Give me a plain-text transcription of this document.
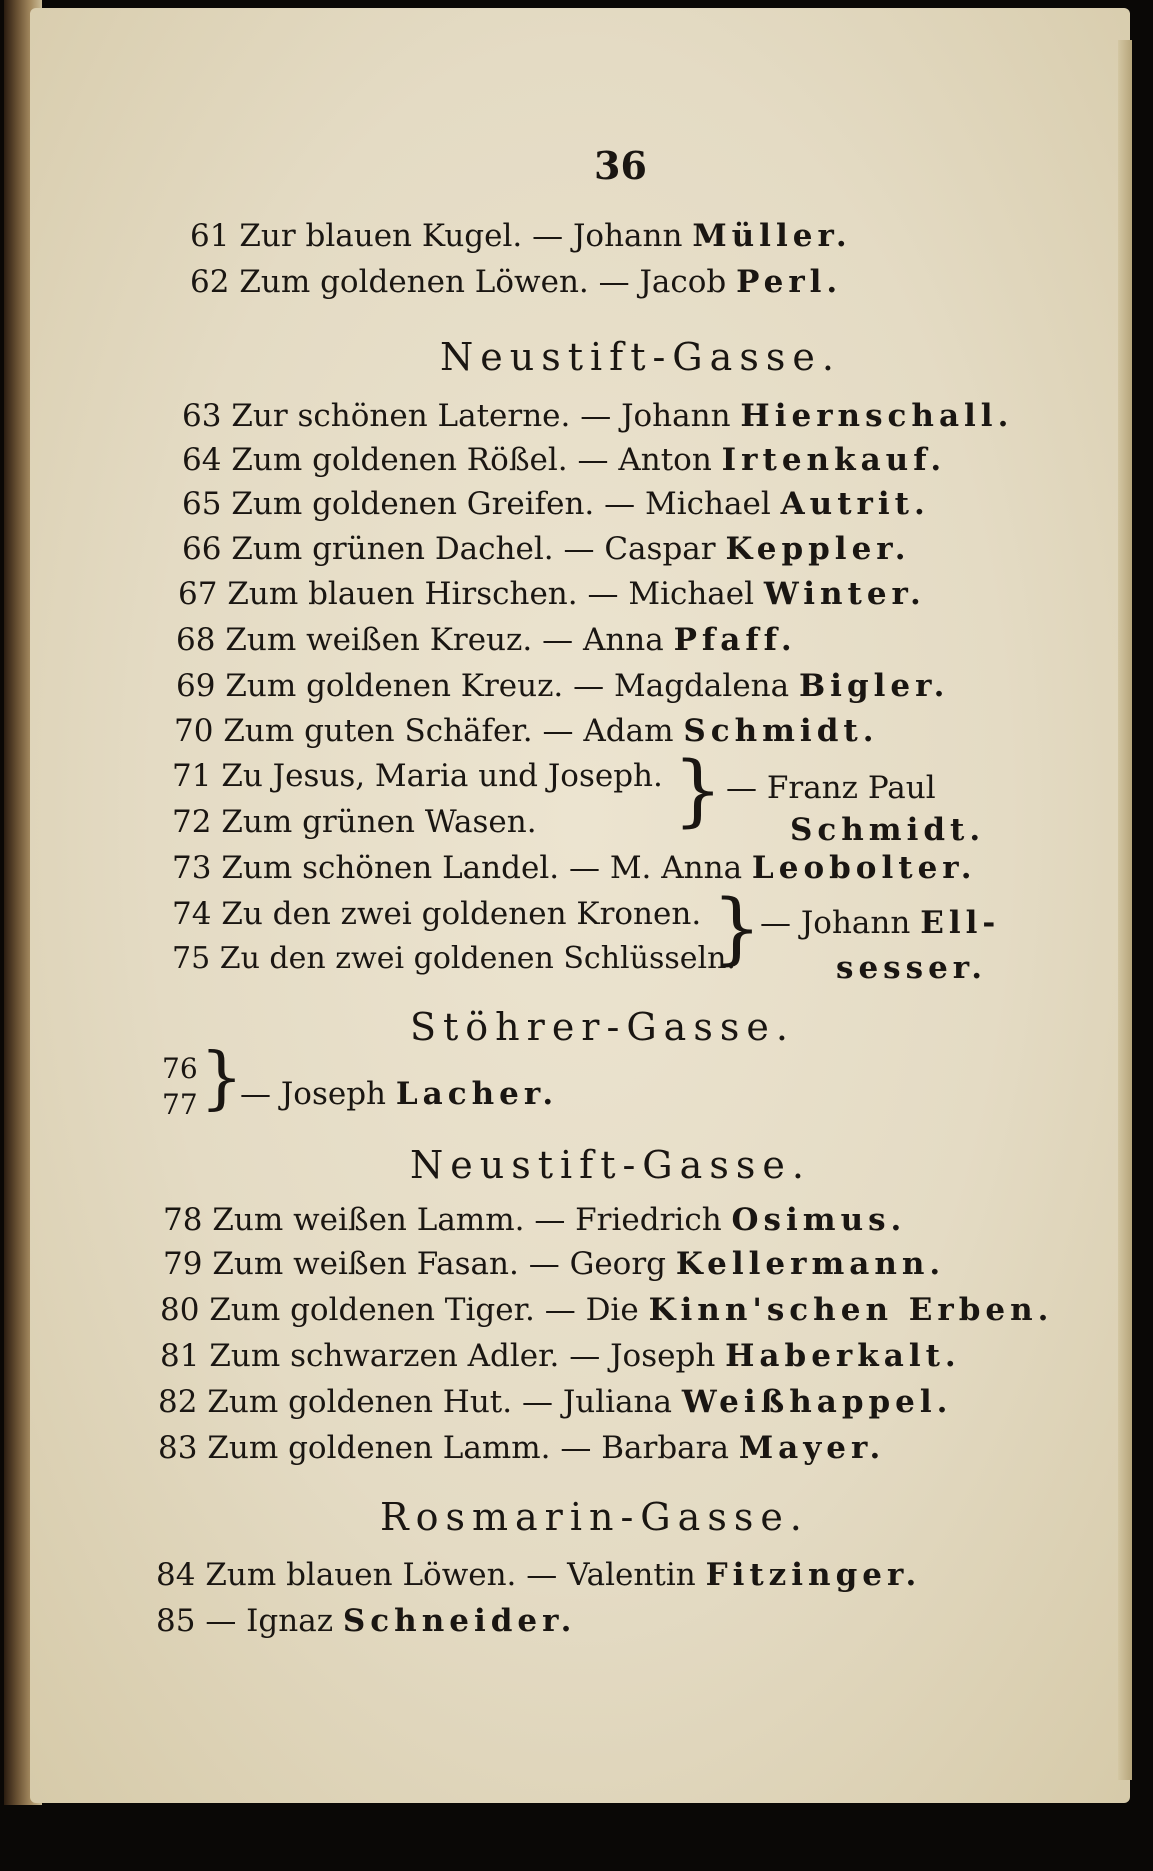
36
61 Zur blauen Kugel. — Johann Müller.
62 Zum goldenen Löwen. — Jacob Perl.
Neustift-Gasse.
63 Zur schönen Laterne. — Johann Hiernschall.
64 Zum goldenen Rößel. — Anton Irtenkauf.
65 Zum goldenen Greifen. — Michael Autrit.
66 Zum grünen Dachel. — Caspar Keppler.
67 Zum blauen Hirschen. — Michael Winter.
68 Zum weißen Kreuz. — Anna Pfaff.
69 Zum goldenen Kreuz. — Magdalena Bigler.
70 Zum guten Schäfer. — Adam Schmidt.
71 Zu Jesus, Maria und Joseph.
72 Zum grünen Wasen. } — Franz Paul
Schmidt.
73 Zum schönen Landel. — M. Anna Leobolter.
74 Zu den zwei goldenen Kronen.
75 Zu den zwei goldenen Schlüsseln.
}
— Johann Ell-
sesser.
Stöhrer-Gasse.
76
77 }
— Joseph Lacher.
Neustift-Gasse.
78 Zum weißen Lamm. — Friedrich Osimus.
79 Zum weißen Fasan. — Georg Kellermann.
80 Zum goldenen Tiger. — Die Kinn'schen Erben.
81 Zum schwarzen Adler. — Joseph Haberkalt.
82 Zum goldenen Hut. — Juliana Weißhappel.
83 Zum goldenen Lamm. — Barbara Mayer.
Rosmarin-Gasse.
84 Zum blauen Löwen. — Valentin Fitzinger.
85 — Ignaz Schneider.
